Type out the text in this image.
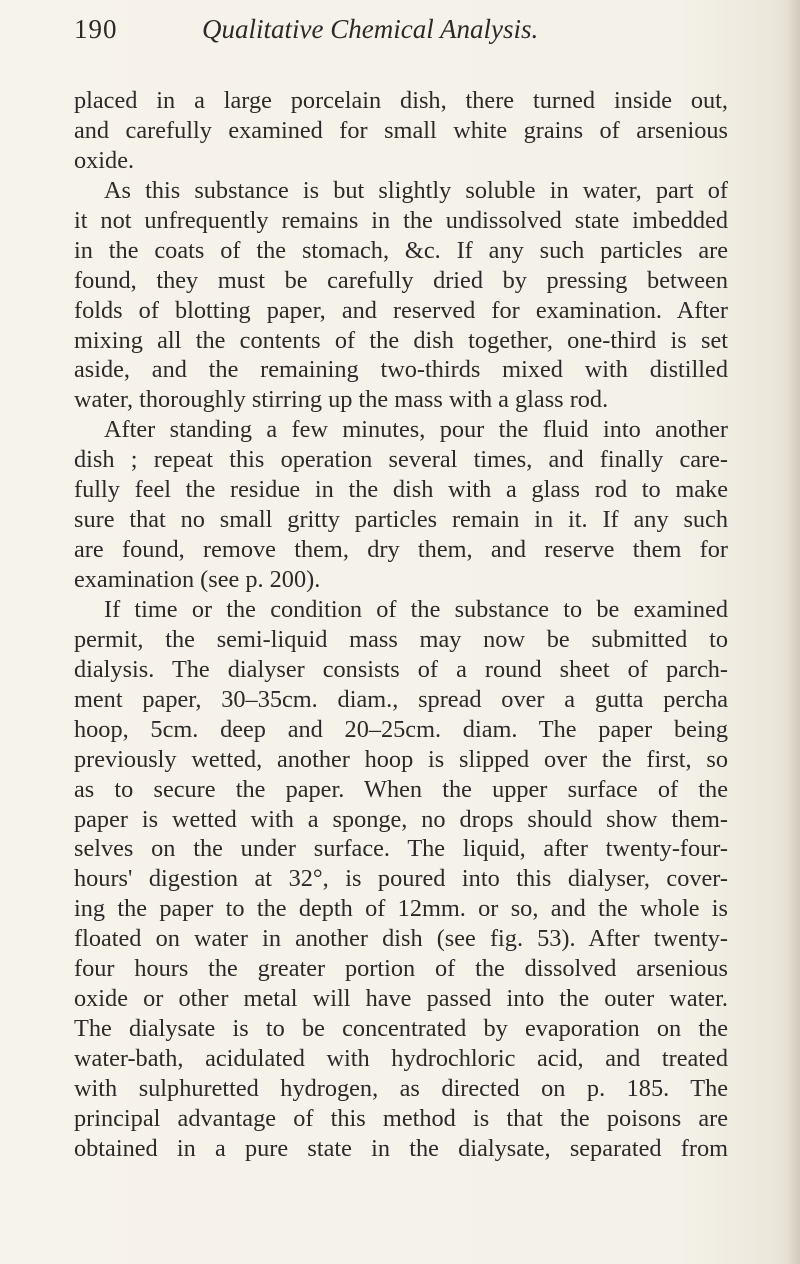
190	Qualitative Chemical Analysis.
placed in a large porcelain dish, there turned inside out,
and carefully examined for small white grains of arsenious
oxide.
As this substance is but slightly soluble in water, part of
it not unfrequently remains in the undissolved state imbedded
in the coats of the stomach, &c. If any such particles are
found, they must be carefully dried by pressing between
folds of blotting paper, and reserved for examination. After
mixing all the contents of the dish together, one-third is set
aside, and the remaining two-thirds mixed with distilled
water, thoroughly stirring up the mass with a glass rod.
After standing a few minutes, pour the fluid into another
dish ; repeat this operation several times, and finally care-
fully feel the residue in the dish with a glass rod to make
sure that no small gritty particles remain in it. If any such
are found, remove them, dry them, and reserve them for
examination (see p. 200).
If time or the condition of the substance to be examined
permit, the semi-liquid mass may now be submitted to
dialysis. The dialyser consists of a round sheet of parch-
ment paper, 30–35cm. diam., spread over a gutta percha
hoop, 5cm. deep and 20–25cm. diam. The paper being
previously wetted, another hoop is slipped over the first, so
as to secure the paper. When the upper surface of the
paper is wetted with a sponge, no drops should show them-
selves on the under surface. The liquid, after twenty-four-
hours' digestion at 32°, is poured into this dialyser, cover-
ing the paper to the depth of 12mm. or so, and the whole is
floated on water in another dish (see fig. 53). After twenty-
four hours the greater portion of the dissolved arsenious
oxide or other metal will have passed into the outer water.
The dialysate is to be concentrated by evaporation on the
water-bath, acidulated with hydrochloric acid, and treated
with sulphuretted hydrogen, as directed on p. 185. The
principal advantage of this method is that the poisons are
obtained in a pure state in the dialysate, separated from
